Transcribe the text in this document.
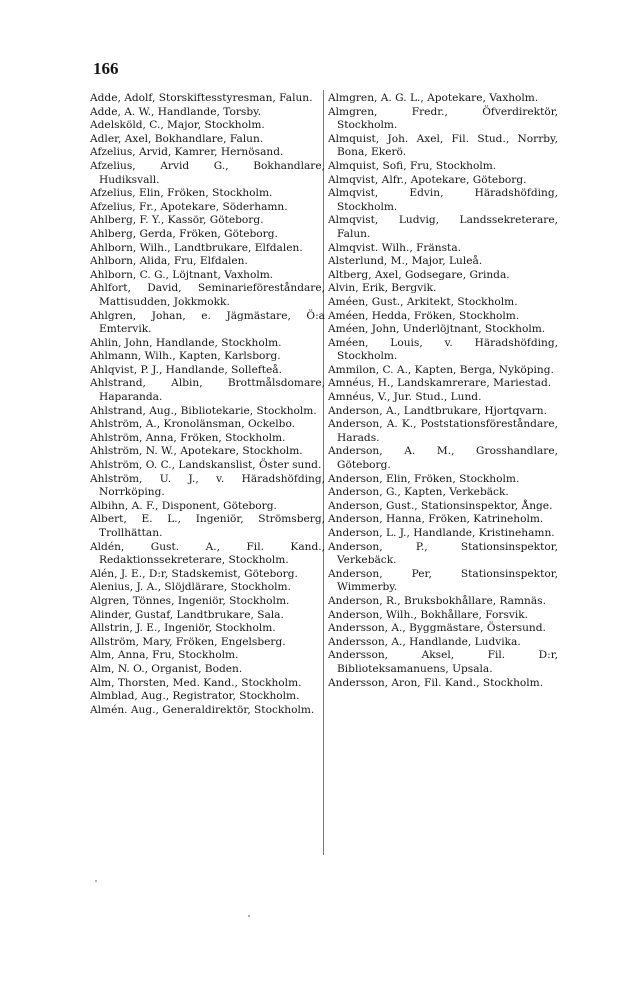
166

Adde, Adolf, Storskiftesstyresman, Falun.

Adde, A. W., Handlande, Torsby.

Adelsköld, C., Major, Stockholm.

Adler, Axel, Bokhandlare, Falun.

Afzelius, Arvid, Kamrer, Hernösand.

Afzelius, Arvid G., Bokhandlare, Hudiksvall.

Afzelius, Elin, Fröken, Stockholm.

Afzelius, Fr., Apotekare, Söderhamn.

Ahlberg, F. Y., Kassör, Göteborg.

Ahlberg, Gerda, Fröken, Göteborg.

Ahlborn, Wilh., Landtbrukare, Elfdalen.

Ahlborn, Alida, Fru, Elfdalen.

Ahlborn, C. G., Löjtnant, Vaxholm.

Ahlfort, David, Seminarieföreståndare, Mattisudden, Jokkmokk.

Ahlgren, Johan, e. Jägmästare, Ö:a Emtervik.

Ahlin, John, Handlande, Stockholm.

Ahlmann, Wilh., Kapten, Karlsborg.

Ahlqvist, P. J., Handlande, Sollefteå.

Ahlstrand, Albin, Brottmålsdomare, Haparanda.

Ahlstrand, Aug., Bibliotekarie, Stockholm.

Ahlström, A., Kronolänsman, Ockelbo.

Ahlström, Anna, Fröken, Stockholm.

Ahlström, N. W., Apotekare, Stockholm.

Ahlström, O. C., Landskanslist, Öster sund.

Ahlström, U. J., v. Häradshöfding, Norrköping.

Albihn, A. F., Disponent, Göteborg.

Albert, E. L., Ingeniör, Strömsberg, Trollhättan.

Aldén, Gust. A., Fil. Kand., Redaktionssekreterare, Stockholm.

Alén, J. E., D:r, Stadskemist, Göteborg.

Alenius, J. A., Slöjdlärare, Stockholm.

Algren, Tönnes, Ingeniör, Stockholm.

Alinder, Gustaf, Landtbrukare, Sala.

Allstrin, J. E., Ingeniör, Stockholm.

Allström, Mary, Fröken, Engelsberg.

Alm, Anna, Fru, Stockholm.

Alm, N. O., Organist, Boden.

Alm, Thorsten, Med. Kand., Stockholm.

Almblad, Aug., Registrator, Stockholm.

Almén. Aug., Generaldirektör, Stockholm.

Almgren, A. G. L., Apotekare, Vaxholm.

Almgren, Fredr., Öfverdirektör, Stockholm.

Almquist, Joh. Axel, Fil. Stud., Norrby, Bona, Ekerö.

Almquist, Sofi, Fru, Stockholm.

Almqvist, Alfr., Apotekare, Göteborg.

Almqvist, Edvin, Häradshöfding, Stockholm.

Almqvist, Ludvig, Landssekreterare, Falun.

Almqvist. Wilh., Fränsta.

Alsterlund, M., Major, Luleå.

Altberg, Axel, Godsegare, Grinda.

Alvin, Erik, Bergvik.

Améen, Gust., Arkitekt, Stockholm.

Améen, Hedda, Fröken, Stockholm.

Améen, John, Underlöjtnant, Stockholm.

Améen, Louis, v. Häradshöfding, Stockholm.

Ammilon, C. A., Kapten, Berga, Nyköping.

Amnéus, H., Landskamrerare, Mariestad.

Amnéus, V., Jur. Stud., Lund.

Anderson, A., Landtbrukare, Hjortqvarn.

Anderson, A. K., Poststationsföreståndare, Harads.

Anderson, A. M., Grosshandlare, Göteborg.

Anderson, Elin, Fröken, Stockholm.

Anderson, G., Kapten, Verkebäck.

Anderson, Gust., Stationsinspektor, Ånge.

Anderson, Hanna, Fröken, Katrineholm.

Anderson, L. J., Handlande, Kristinehamn.

Anderson, P., Stationsinspektor, Verkebäck.

Anderson, Per, Stationsinspektor, Wimmerby.

Anderson, R., Bruksbokhållare, Ramnäs.

Anderson, Wilh., Bokhållare, Forsvik.

Andersson, A., Byggmästare, Östersund.

Andersson, A., Handlande, Ludvika.

Andersson, Aksel, Fil. D:r, Biblioteksamanuens, Upsala.

Andersson, Aron, Fil. Kand., Stockholm.
